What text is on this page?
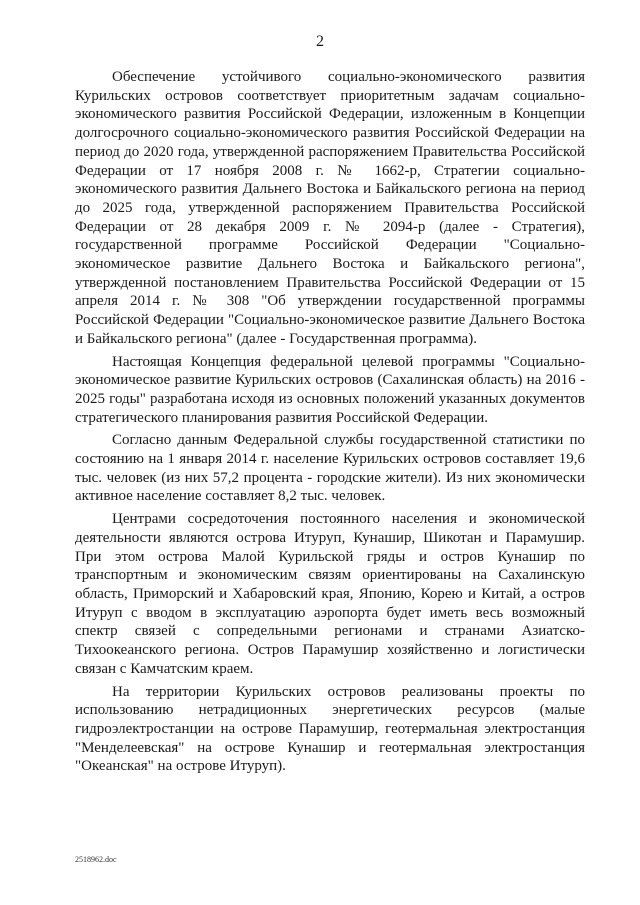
2

Обеспечение устойчивого социально-экономического развития Курильских островов соответствует приоритетным задачам социально-экономического развития Российской Федерации, изложенным в Концепции долгосрочного социально-экономического развития Российской Федерации на период до 2020 года, утвержденной распоряжением Правительства Российской Федерации от 17 ноября 2008 г. № 1662-р, Стратегии социально-экономического развития Дальнего Востока и Байкальского региона на период до 2025 года, утвержденной распоряжением Правительства Российской Федерации от 28 декабря 2009 г. № 2094-р (далее - Стратегия), государственной программе Российской Федерации "Социально-экономическое развитие Дальнего Востока и Байкальского региона", утвержденной постановлением Правительства Российской Федерации от 15 апреля 2014 г. № 308 "Об утверждении государственной программы Российской Федерации "Социально-экономическое развитие Дальнего Востока и Байкальского региона" (далее - Государственная программа).

Настоящая Концепция федеральной целевой программы "Социально-экономическое развитие Курильских островов (Сахалинская область) на 2016 - 2025 годы" разработана исходя из основных положений указанных документов стратегического планирования развития Российской Федерации.

Согласно данным Федеральной службы государственной статистики по состоянию на 1 января 2014 г. население Курильских островов составляет 19,6 тыс. человек (из них 57,2 процента - городские жители). Из них экономически активное население составляет 8,2 тыс. человек.

Центрами сосредоточения постоянного населения и экономической деятельности являются острова Итуруп, Кунашир, Шикотан и Парамушир. При этом острова Малой Курильской гряды и остров Кунашир по транспортным и экономическим связям ориентированы на Сахалинскую область, Приморский и Хабаровский края, Японию, Корею и Китай, а остров Итуруп с вводом в эксплуатацию аэропорта будет иметь весь возможный спектр связей с сопредельными регионами и странами Азиатско-Тихоокеанского региона. Остров Парамушир хозяйственно и логистически связан с Камчатским краем.

На территории Курильских островов реализованы проекты по использованию нетрадиционных энергетических ресурсов (малые гидроэлектростанции на острове Парамушир, геотермальная электростанция "Менделеевская" на острове Кунашир и геотермальная электростанция "Океанская" на острове Итуруп).

2518962.doc
